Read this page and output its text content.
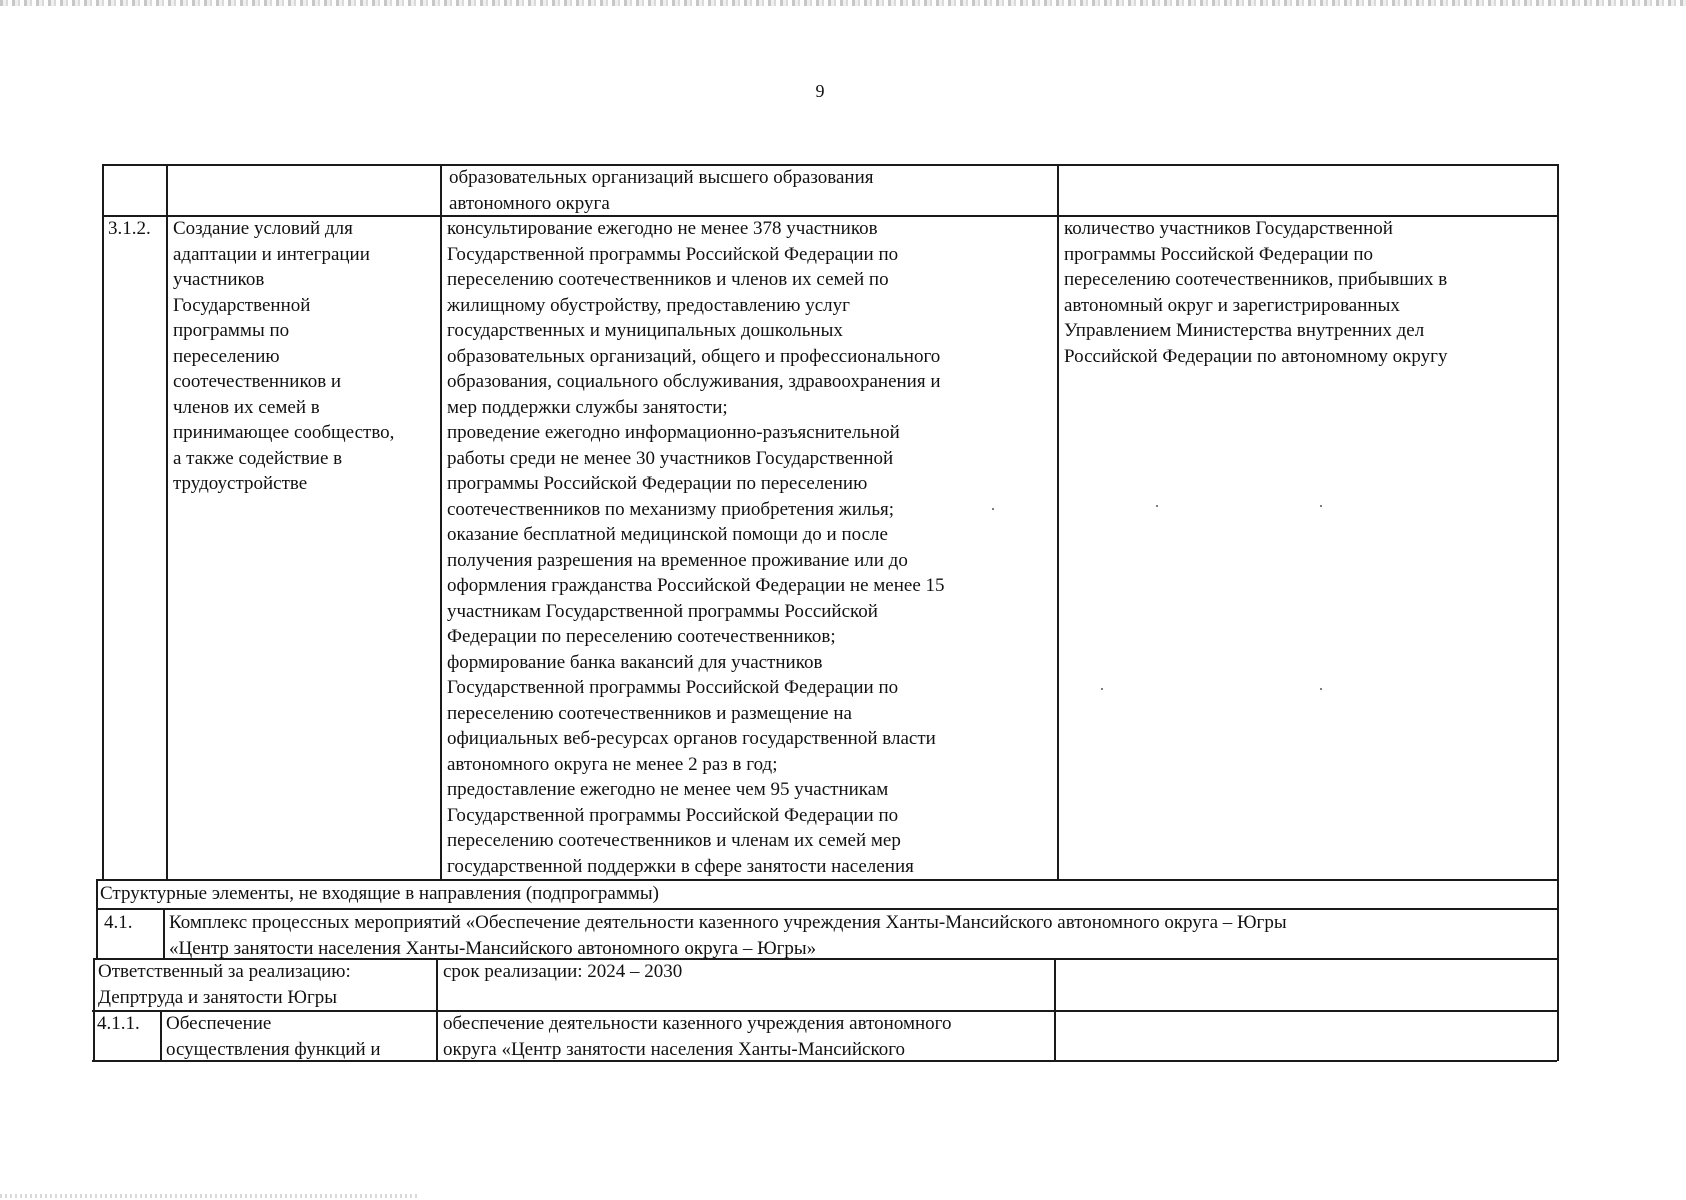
9
образовательных организаций высшего образования
автономного округа
3.1.2. Создание условий для
адаптации и интеграции
участников
Государственной
программы по
переселению
соотечественников и
членов их семей в
принимающее сообщество,
а также содействие в
трудоустройстве
консультирование ежегодно не менее 378 участников
Государственной программы Российской Федерации по
переселению соотечественников и членов их семей по
жилищному обустройству, предоставлению услуг
государственных и муниципальных дошкольных
образовательных организаций, общего и профессионального
образования, социального обслуживания, здравоохранения и
мер поддержки службы занятости;
проведение ежегодно информационно-разъяснительной
работы среди не менее 30 участников Государственной
программы Российской Федерации по переселению
соотечественников по механизму приобретения жилья;
оказание бесплатной медицинской помощи до и после
получения разрешения на временное проживание или до
оформления гражданства Российской Федерации не менее 15
участникам Государственной программы Российской
Федерации по переселению соотечественников;
формирование банка вакансий для участников
Государственной программы Российской Федерации по
переселению соотечественников и размещение на
официальных веб-ресурсах органов государственной власти
автономного округа не менее 2 раз в год;
предоставление ежегодно не менее чем 95 участникам
Государственной программы Российской Федерации по
переселению соотечественников и членам их семей мер
государственной поддержки в сфере занятости населения
количество участников Государственной
программы Российской Федерации по
переселению соотечественников, прибывших в
автономный округ и зарегистрированных
Управлением Министерства внутренних дел
Российской Федерации по автономному округу
Структурные элементы, не входящие в направления (подпрограммы)
4.1. Комплекс процессных мероприятий «Обеспечение деятельности казенного учреждения Ханты-Мансийского автономного округа – Югры
«Центр занятости населения Ханты-Мансийского автономного округа – Югры»
Ответственный за реализацию:
Депртруда и занятости Югры
срок реализации: 2024 – 2030
4.1.1. Обеспечение
осуществления функций и
обеспечение деятельности казенного учреждения автономного
округа «Центр занятости населения Ханты-Мансийского
